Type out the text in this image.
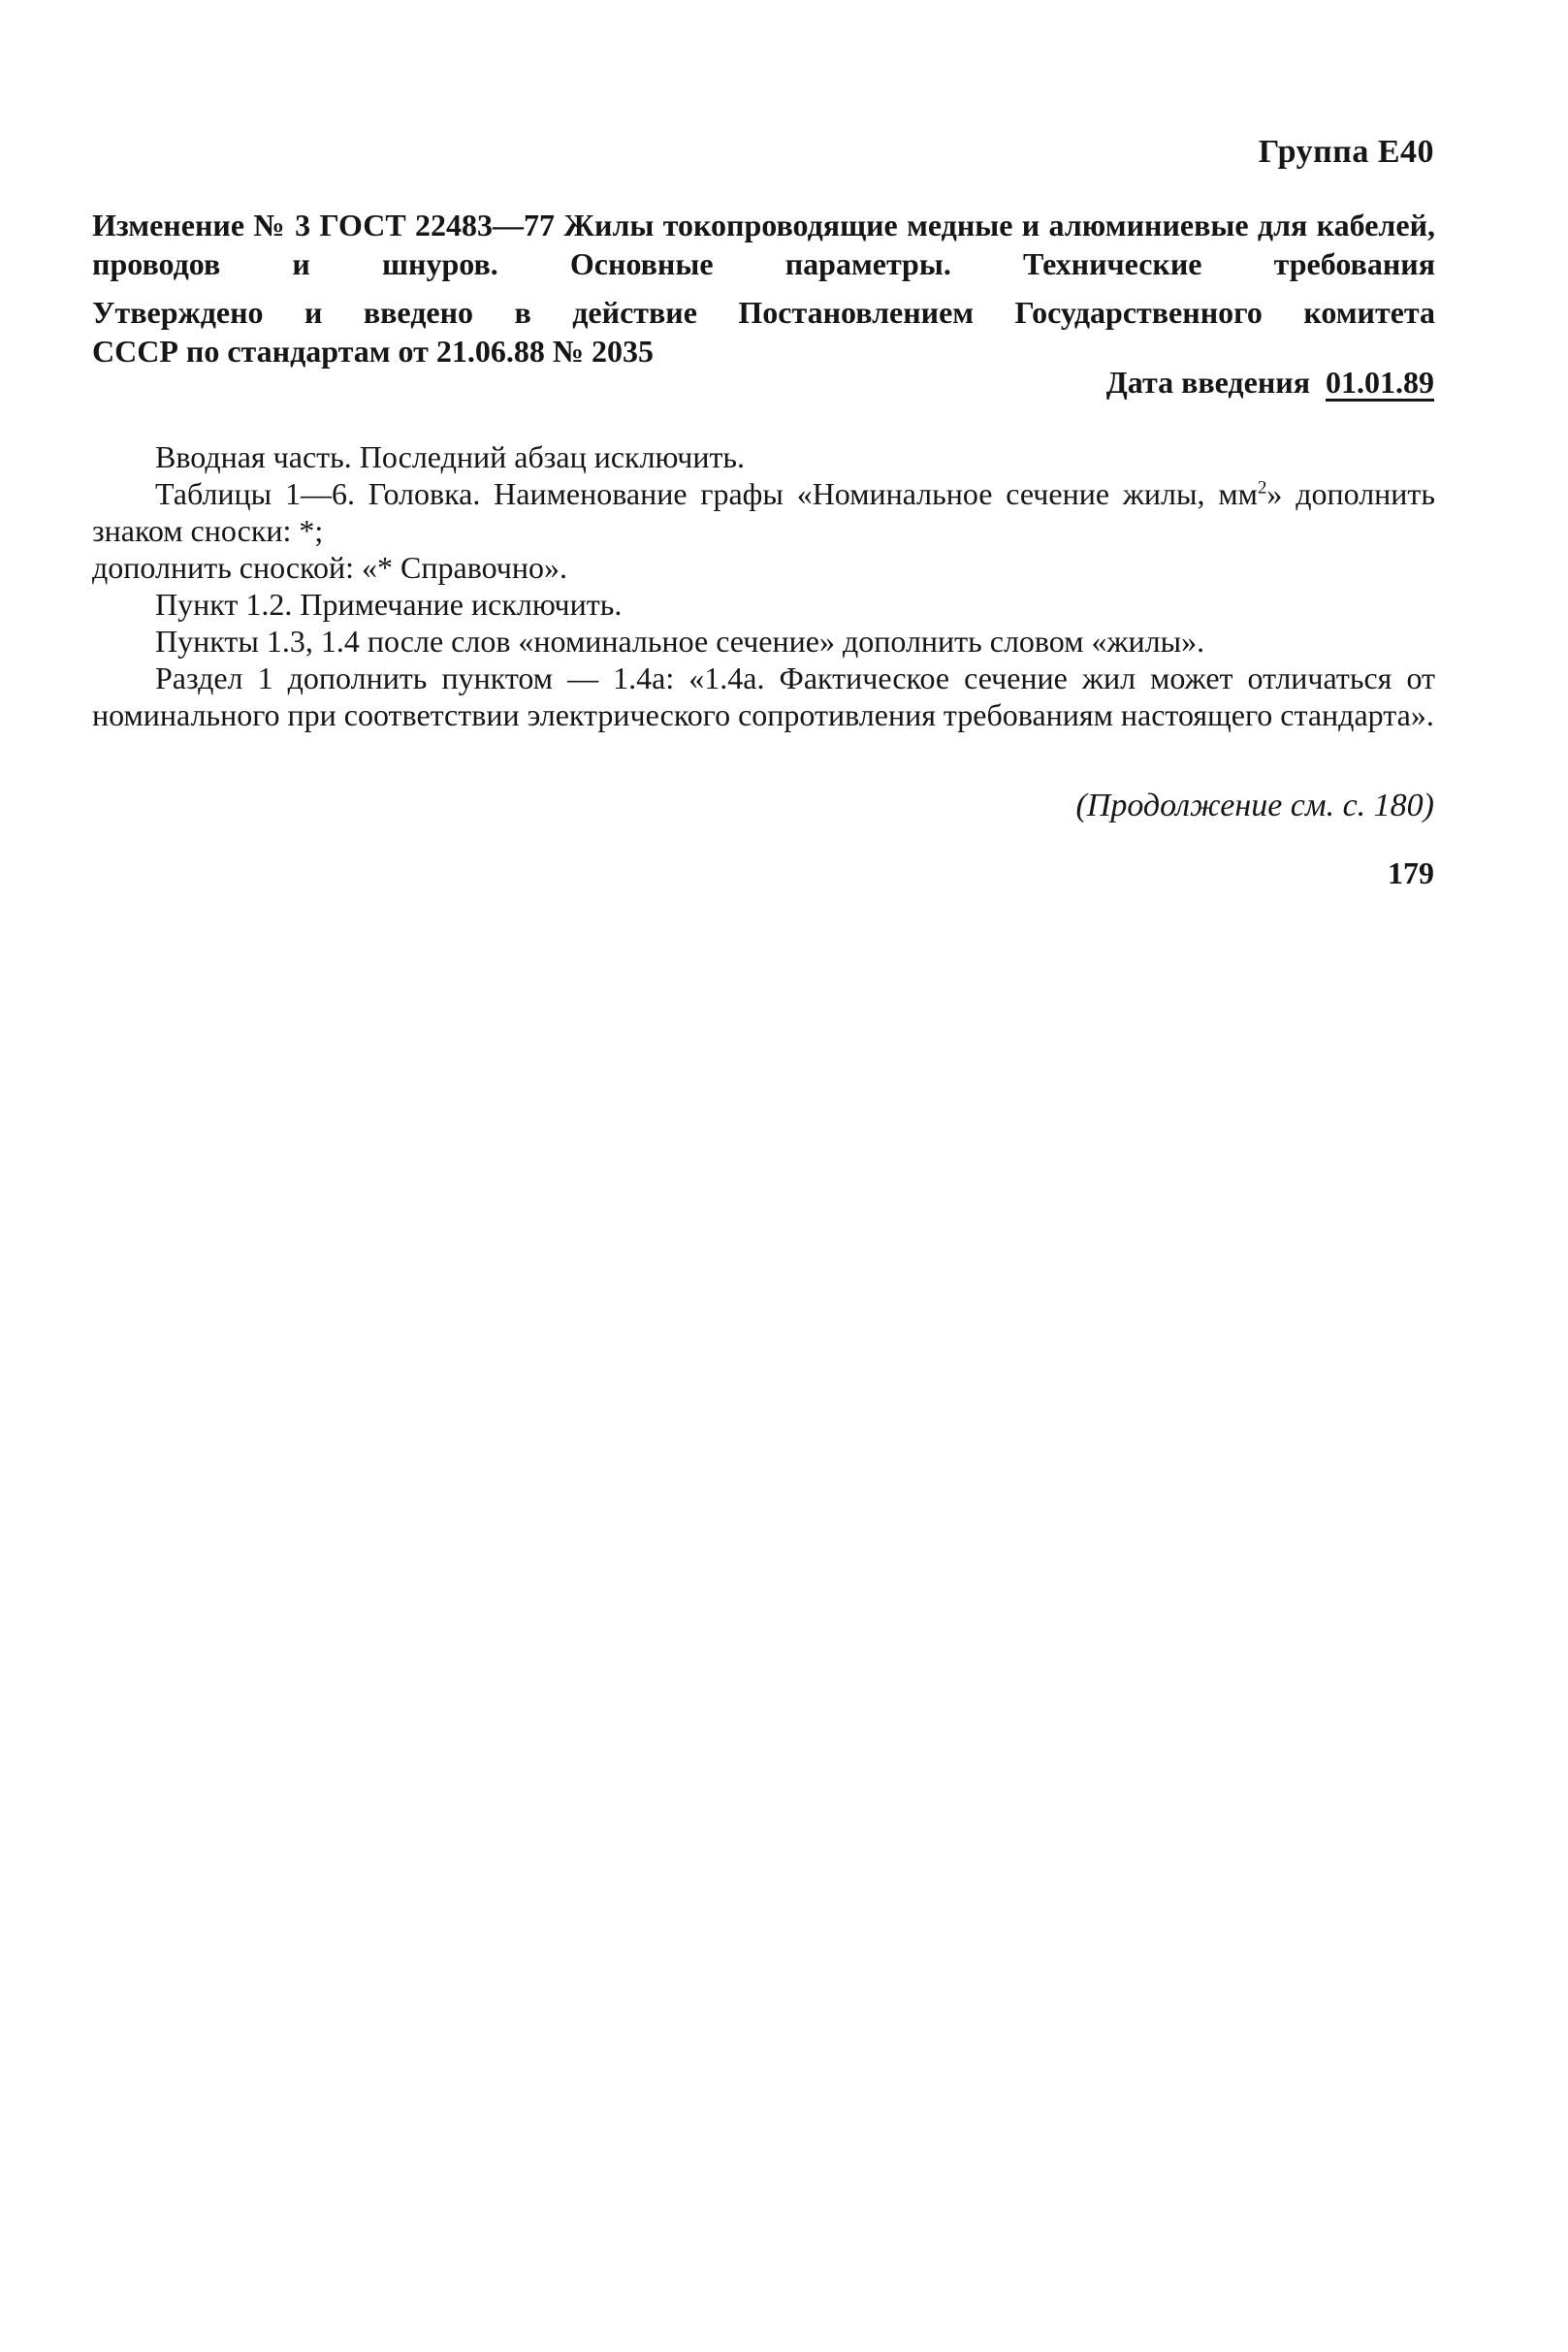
Группа Е40
Изменение № 3 ГОСТ 22483—77 Жилы токопроводящие медные и алюминиевые для кабелей, проводов и шнуров. Основные параметры. Технические требования
Утверждено и введено в действие Постановлением Государственного комитета
СССР по стандартам от 21.06.88 № 2035
Дата введения 01.01.89

Вводная часть. Последний абзац исключить.

Таблицы 1—6. Головка. Наименование графы «Номинальное сечение жилы, $мм^2$» дополнить знаком сноски: *;

дополнить сноской: «* Справочно».

Пункт 1.2. Примечание исключить.

Пункты 1.3, 1.4 после слов «номинальное сечение» дополнить словом «жилы».

Раздел 1 дополнить пунктом — 1.4а: «1.4а. Фактическое сечение жил может отличаться от номинального при соответствии электрического сопротивления требованиям настоящего стандарта».

(Продолжение см. с. 180)
179
